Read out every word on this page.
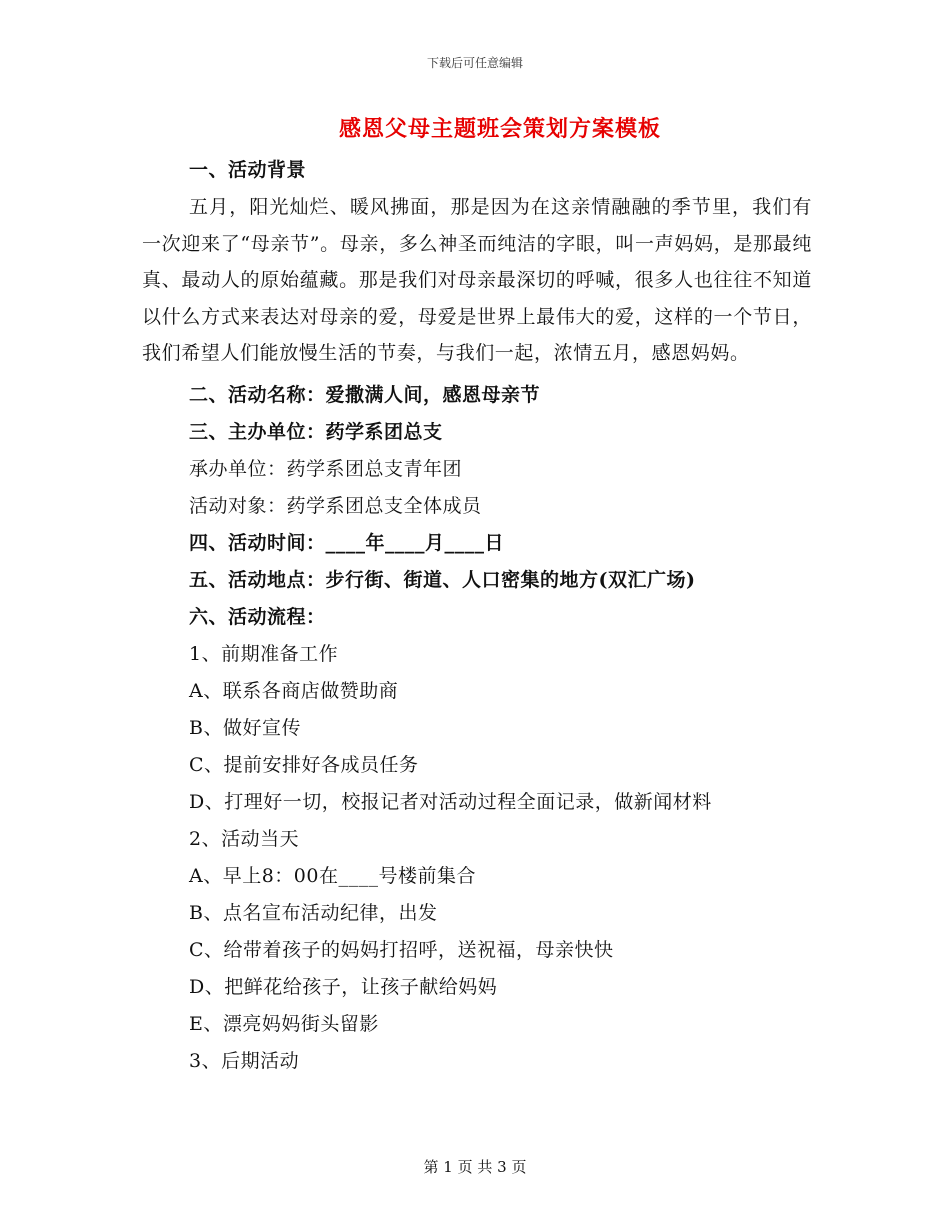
下载后可任意编辑
感恩父母主题班会策划方案模板
一、活动背景

五月，阳光灿烂、暖风拂面，那是因为在这亲情融融的季节里，我们有一次迎来了“母亲节”。母亲，多么神圣而纯洁的字眼，叫一声妈妈，是那最纯真、最动人的原始蕴藏。那是我们对母亲最深切的呼喊，很多人也往往不知道以什么方式来表达对母亲的爱，母爱是世界上最伟大的爱，这样的一个节日，我们希望人们能放慢生活的节奏，与我们一起，浓情五月，感恩妈妈。

二、活动名称：爱撒满人间，感恩母亲节
三、主办单位：药学系团总支
承办单位：药学系团总支青年团
活动对象：药学系团总支全体成员
四、活动时间：____年____月____日
五、活动地点：步行街、街道、人口密集的地方(双汇广场)
六、活动流程：
1、前期准备工作
A、联系各商店做赞助商
B、做好宣传
C、提前安排好各成员任务
D、打理好一切，校报记者对活动过程全面记录，做新闻材料
2、活动当天
A、早上8：00在____号楼前集合
B、点名宣布活动纪律，出发
C、给带着孩子的妈妈打招呼，送祝福，母亲快快
D、把鲜花给孩子，让孩子献给妈妈
E、漂亮妈妈街头留影
3、后期活动
第 1 页 共 3 页
